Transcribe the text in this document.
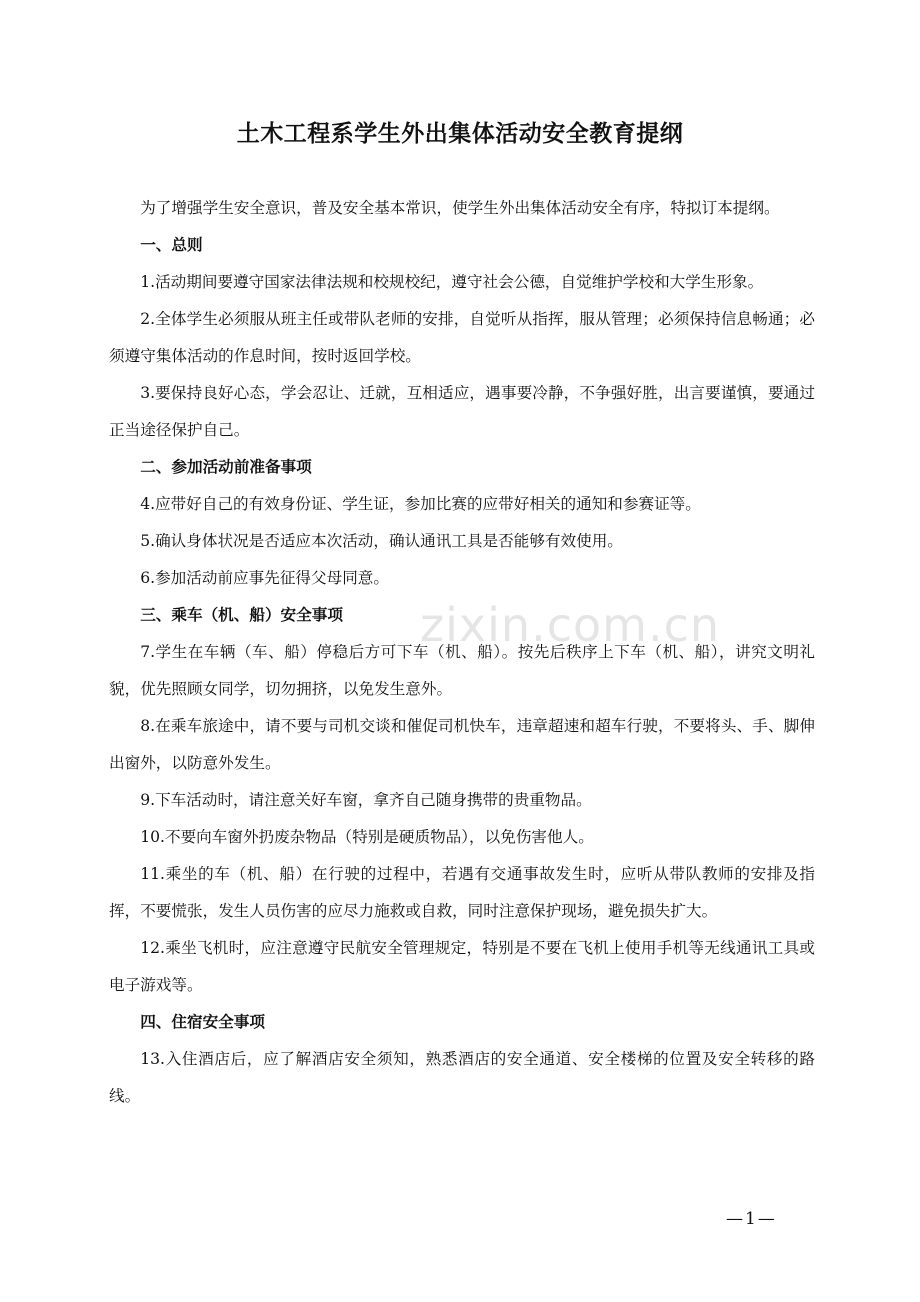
土木工程系学生外出集体活动安全教育提纲

为了增强学生安全意识，普及安全基本常识，使学生外出集体活动安全有序，特拟订本提纲。

一、总则

1.活动期间要遵守国家法律法规和校规校纪，遵守社会公德，自觉维护学校和大学生形象。

2.全体学生必须服从班主任或带队老师的安排，自觉听从指挥，服从管理；必须保持信息畅通；必须遵守集体活动的作息时间，按时返回学校。

3.要保持良好心态，学会忍让、迁就，互相适应，遇事要冷静，不争强好胜，出言要谨慎，要通过正当途径保护自己。

二、参加活动前准备事项

4.应带好自己的有效身份证、学生证，参加比赛的应带好相关的通知和参赛证等。

5.确认身体状况是否适应本次活动，确认通讯工具是否能够有效使用。

6.参加活动前应事先征得父母同意。

三、乘车（机、船）安全事项

7.学生在车辆（车、船）停稳后方可下车（机、船）。按先后秩序上下车（机、船），讲究文明礼貌，优先照顾女同学，切勿拥挤，以免发生意外。

8.在乘车旅途中，请不要与司机交谈和催促司机快车，违章超速和超车行驶，不要将头、手、脚伸出窗外，以防意外发生。

9.下车活动时，请注意关好车窗，拿齐自己随身携带的贵重物品。

10.不要向车窗外扔废杂物品（特别是硬质物品），以免伤害他人。

11.乘坐的车（机、船）在行驶的过程中，若遇有交通事故发生时，应听从带队教师的安排及指挥，不要慌张，发生人员伤害的应尽力施救或自救，同时注意保护现场，避免损失扩大。

12.乘坐飞机时，应注意遵守民航安全管理规定，特别是不要在飞机上使用手机等无线通讯工具或电子游戏等。

四、住宿安全事项

13.入住酒店后，应了解酒店安全须知，熟悉酒店的安全通道、安全楼梯的位置及安全转移的路线。

zixin.com.cn
—1—
